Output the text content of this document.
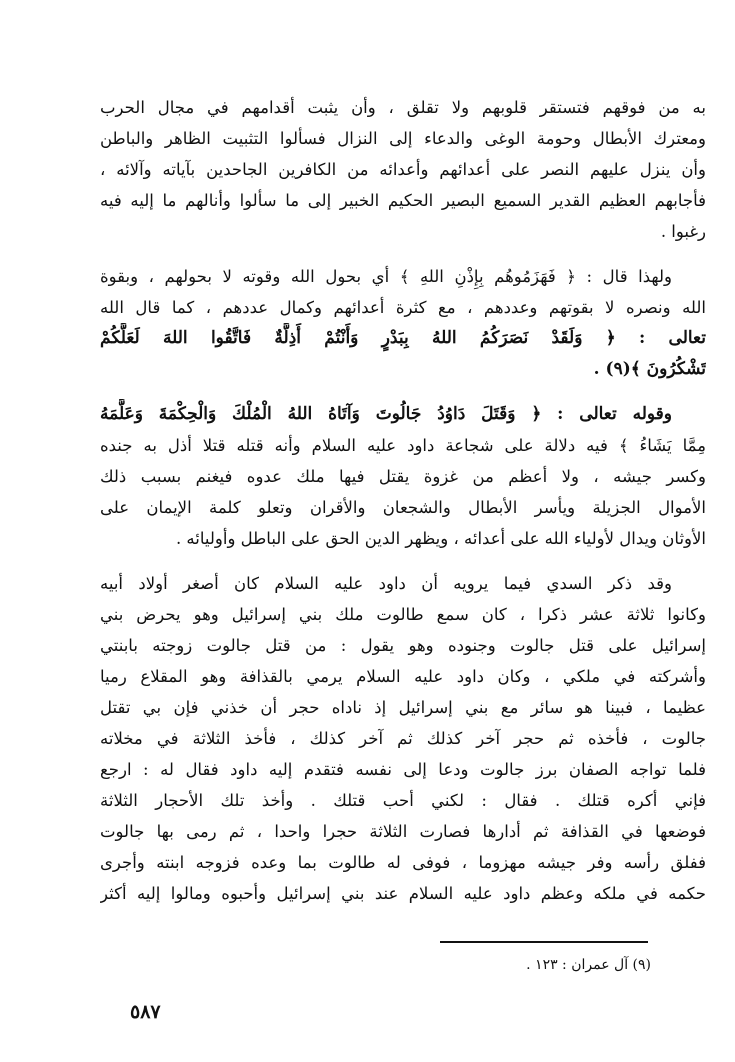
به من فوقهم فتستقر قلوبهم ولا تقلق ، وأن يثبت أقدامهم في مجال الحرب
ومعترك الأبطال وحومة الوغى والدعاء إلى النزال فسألوا التثبيت الظاهر والباطن
وأن ينزل عليهم النصر على أعدائهم وأعدائه من الكافرين الجاحدين بآياته وآلائه ،
فأجابهم العظيم القدير السميع البصير الحكيم الخبير إلى ما سألوا وأنالهم ما إليه فيه
رغبوا .
ولهذا قال : ﴿ فَهَزَمُوهُم بِإِذْنِ اللهِ ﴾ أي بحول الله وقوته لا بحولهم ، وبقوة
الله ونصره لا بقوتهم وعددهم ، مع كثرة أعدائهم وكمال عددهم ، كما قال الله
تعالى : ﴿ وَلَقَدْ نَصَرَكُمُ اللهُ بِبَدْرٍ وَأَنْتُمْ أَذِلَّةٌ فَاتَّقُوا اللهَ لَعَلَّكُمْ
تَشْكُرُونَ ﴾(٩) .
وقوله تعالى : ﴿ وَقَتَلَ دَاوُدُ جَالُوتَ وَآتَاهُ اللهُ الْمُلْكَ وَالْحِكْمَةَ وَعَلَّمَهُ
مِمَّا يَشَاءُ ﴾ فيه دلالة على شجاعة داود عليه السلام وأنه قتله قتلا أذل به جنده
وكسر جيشه ، ولا أعظم من غزوة يقتل فيها ملك عدوه فيغنم بسبب ذلك
الأموال الجزيلة ويأسر الأبطال والشجعان والأقران وتعلو كلمة الإيمان على
الأوثان ويدال لأولياء الله على أعدائه ، ويظهر الدين الحق على الباطل وأوليائه .
وقد ذكر السدي فيما يرويه أن داود عليه السلام كان أصغر أولاد أبيه
وكانوا ثلاثة عشر ذكرا ، كان سمع طالوت ملك بني إسرائيل وهو يحرض بني
إسرائيل على قتل جالوت وجنوده وهو يقول : من قتل جالوت زوجته بابنتي
وأشركته في ملكي ، وكان داود عليه السلام يرمي بالقذافة وهو المقلاع رميا
عظيما ، فبينا هو سائر مع بني إسرائيل إذ ناداه حجر أن خذني فإن بي تقتل
جالوت ، فأخذه ثم حجر آخر كذلك ثم آخر كذلك ، فأخذ الثلاثة في مخلاته
فلما تواجه الصفان برز جالوت ودعا إلى نفسه فتقدم إليه داود فقال له : ارجع
فإني أكره قتلك . فقال : لكني أحب قتلك . وأخذ تلك الأحجار الثلاثة
فوضعها في القذافة ثم أدارها فصارت الثلاثة حجرا واحدا ، ثم رمى بها جالوت
ففلق رأسه وفر جيشه مهزوما ، فوفى له طالوت بما وعده فزوجه ابنته وأجرى
حكمه في ملكه وعظم داود عليه السلام عند بني إسرائيل وأحبوه ومالوا إليه أكثر
(٩) آل عمران : ١٢٣ .
٥٨٧
